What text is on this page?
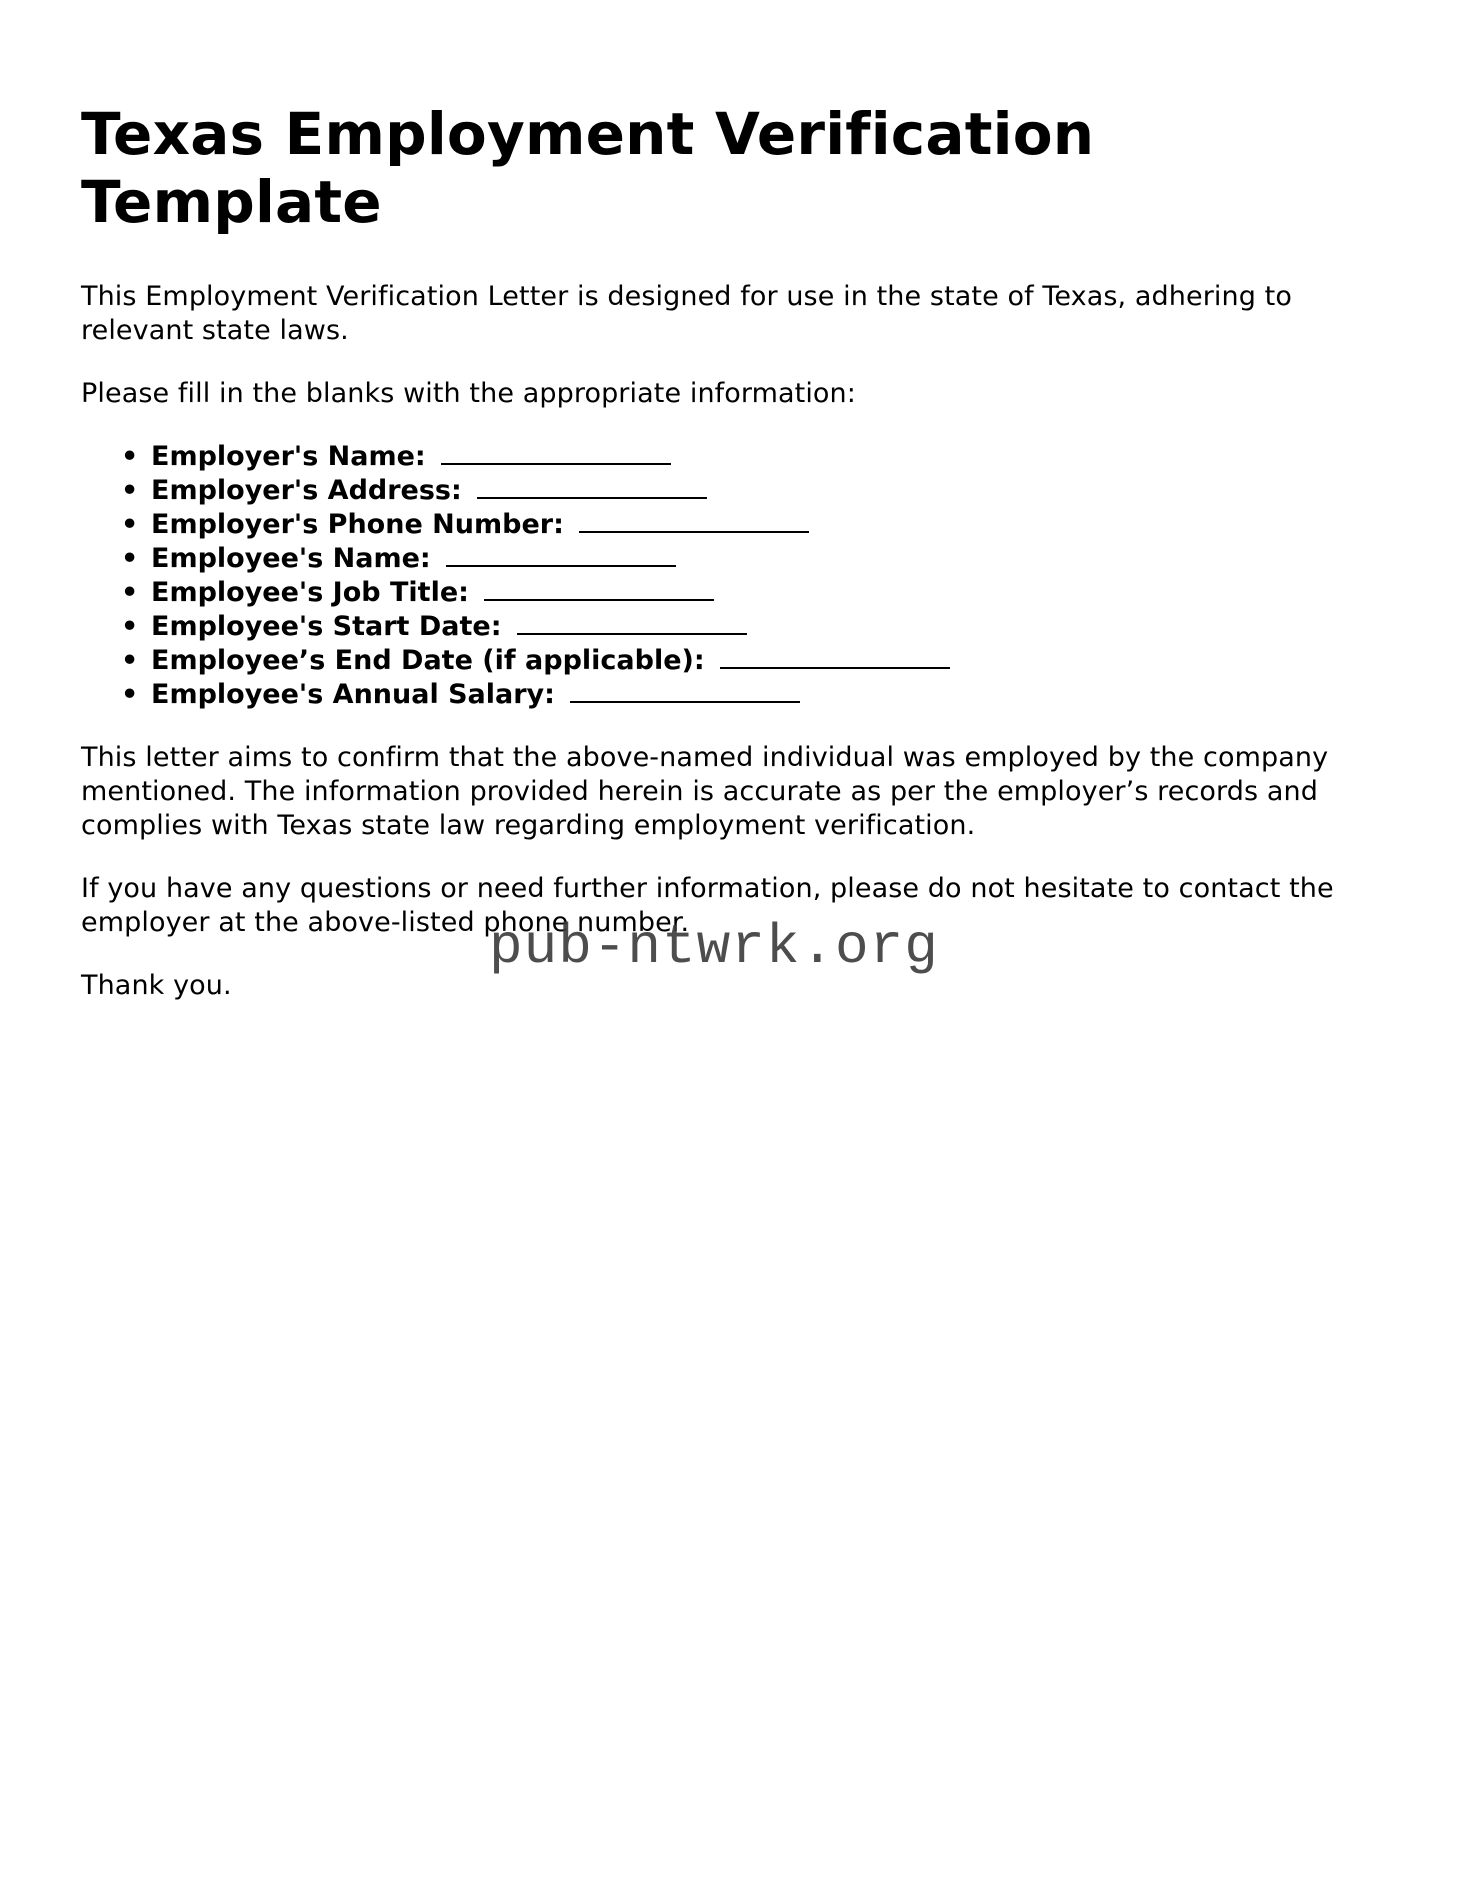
Texas Employment Verification Template

This Employment Verification Letter is designed for use in the state of Texas, adhering to relevant state laws.

Please fill in the blanks with the appropriate information:

• Employer's Name:
• Employer's Address:
• Employer's Phone Number:
• Employee's Name:
• Employee's Job Title:
• Employee's Start Date:
• Employee’s End Date (if applicable):
• Employee's Annual Salary:

This letter aims to confirm that the above-named individual was employed by the company mentioned. The information provided herein is accurate as per the employer’s records and complies with Texas state law regarding employment verification.

If you have any questions or need further information, please do not hesitate to contact the employer at the above-listed phone number.

Thank you.

pub-ntwrk.org
